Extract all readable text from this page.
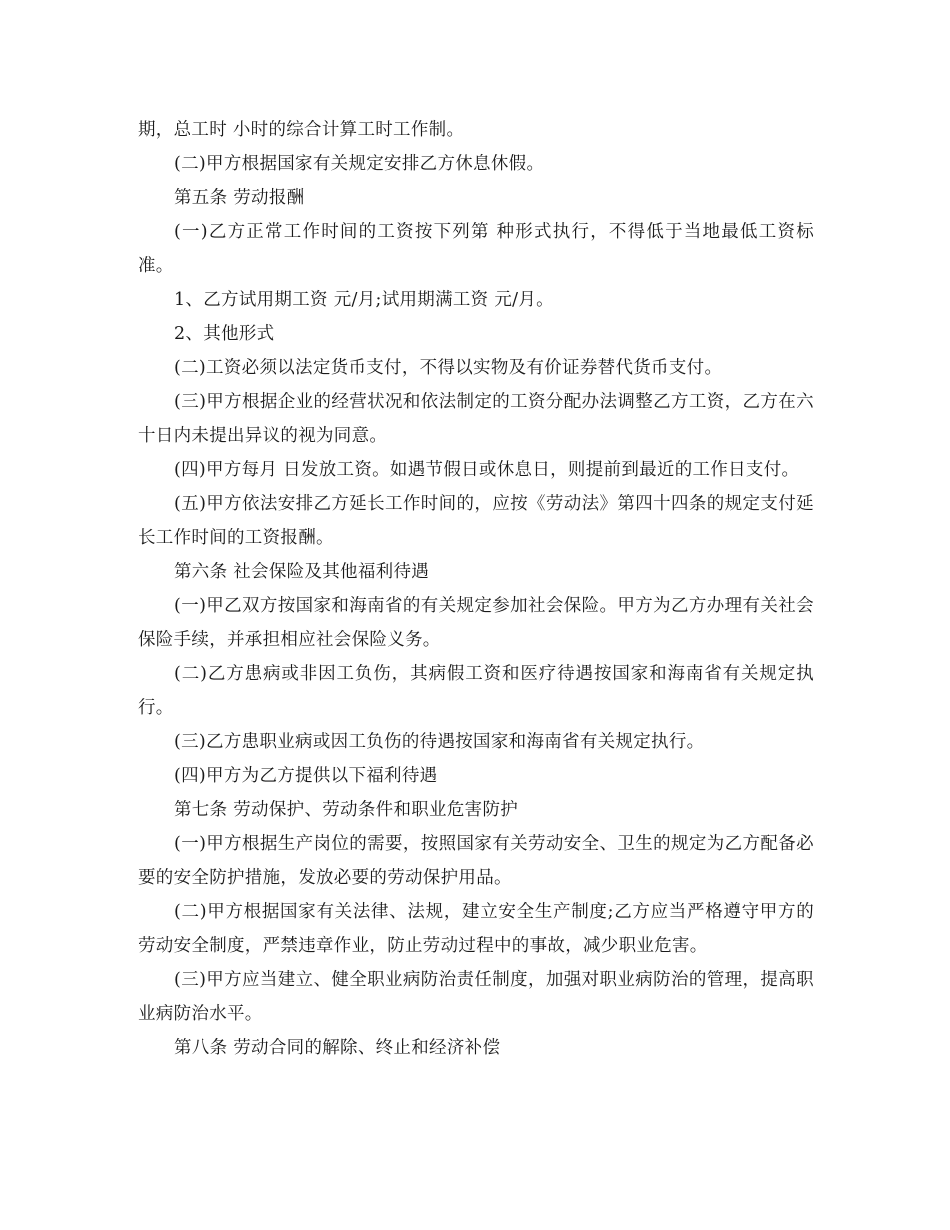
期，总工时 小时的综合计算工时工作制。

(二)甲方根据国家有关规定安排乙方休息休假。

第五条 劳动报酬

(一)乙方正常工作时间的工资按下列第 种形式执行，不得低于当地最低工资标准。

1、乙方试用期工资 元/月;试用期满工资 元/月。

2、其他形式

(二)工资必须以法定货币支付，不得以实物及有价证券替代货币支付。

(三)甲方根据企业的经营状况和依法制定的工资分配办法调整乙方工资，乙方在六十日内未提出异议的视为同意。

(四)甲方每月 日发放工资。如遇节假日或休息日，则提前到最近的工作日支付。

(五)甲方依法安排乙方延长工作时间的，应按《劳动法》第四十四条的规定支付延长工作时间的工资报酬。

第六条 社会保险及其他福利待遇

(一)甲乙双方按国家和海南省的有关规定参加社会保险。甲方为乙方办理有关社会保险手续，并承担相应社会保险义务。

(二)乙方患病或非因工负伤，其病假工资和医疗待遇按国家和海南省有关规定执行。

(三)乙方患职业病或因工负伤的待遇按国家和海南省有关规定执行。

(四)甲方为乙方提供以下福利待遇

第七条 劳动保护、劳动条件和职业危害防护

(一)甲方根据生产岗位的需要，按照国家有关劳动安全、卫生的规定为乙方配备必要的安全防护措施，发放必要的劳动保护用品。

(二)甲方根据国家有关法律、法规，建立安全生产制度;乙方应当严格遵守甲方的劳动安全制度，严禁违章作业，防止劳动过程中的事故，减少职业危害。

(三)甲方应当建立、健全职业病防治责任制度，加强对职业病防治的管理，提高职业病防治水平。

第八条 劳动合同的解除、终止和经济补偿
